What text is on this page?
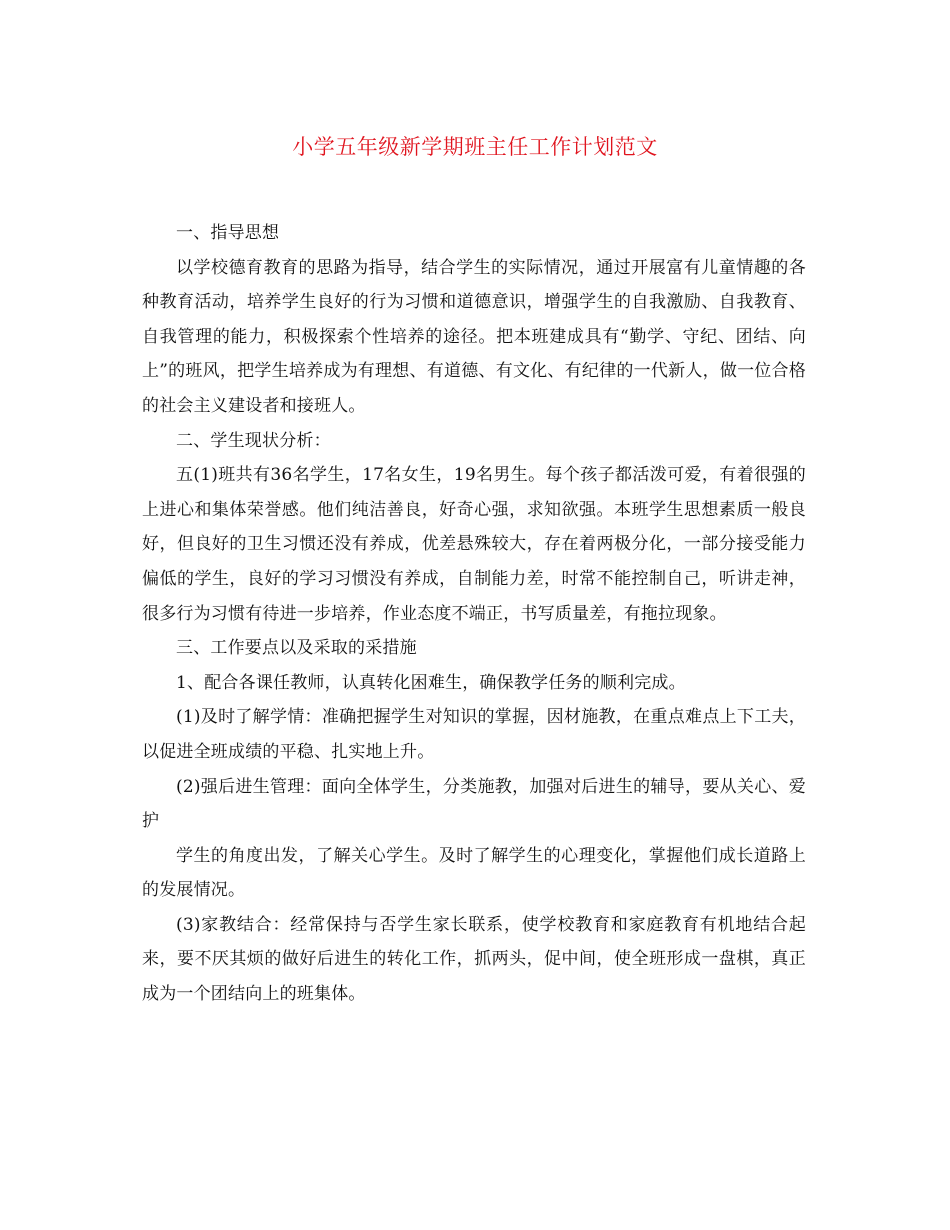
小学五年级新学期班主任工作计划范文

一、指导思想

以学校德育教育的思路为指导，结合学生的实际情况，通过开展富有儿童情趣的各种教育活动，培养学生良好的行为习惯和道德意识，增强学生的自我激励、自我教育、自我管理的能力，积极探索个性培养的途径。把本班建成具有“勤学、守纪、团结、向上”的班风，把学生培养成为有理想、有道德、有文化、有纪律的一代新人，做一位合格的社会主义建设者和接班人。

二、学生现状分析：

五(1)班共有36名学生，17名女生，19名男生。每个孩子都活泼可爱，有着很强的上进心和集体荣誉感。他们纯洁善良，好奇心强，求知欲强。本班学生思想素质一般良好，但良好的卫生习惯还没有养成，优差悬殊较大，存在着两极分化，一部分接受能力偏低的学生，良好的学习习惯没有养成，自制能力差，时常不能控制自己，听讲走神，很多行为习惯有待进一步培养，作业态度不端正，书写质量差，有拖拉现象。

三、工作要点以及采取的采措施

1、配合各课任教师，认真转化困难生，确保教学任务的顺利完成。

(1)及时了解学情：准确把握学生对知识的掌握，因材施教，在重点难点上下工夫，以促进全班成绩的平稳、扎实地上升。

(2)强后进生管理：面向全体学生，分类施教，加强对后进生的辅导，要从关心、爱护

学生的角度出发，了解关心学生。及时了解学生的心理变化，掌握他们成长道路上的发展情况。

(3)家教结合：经常保持与否学生家长联系，使学校教育和家庭教育有机地结合起来，要不厌其烦的做好后进生的转化工作，抓两头，促中间，使全班形成一盘棋，真正成为一个团结向上的班集体。
